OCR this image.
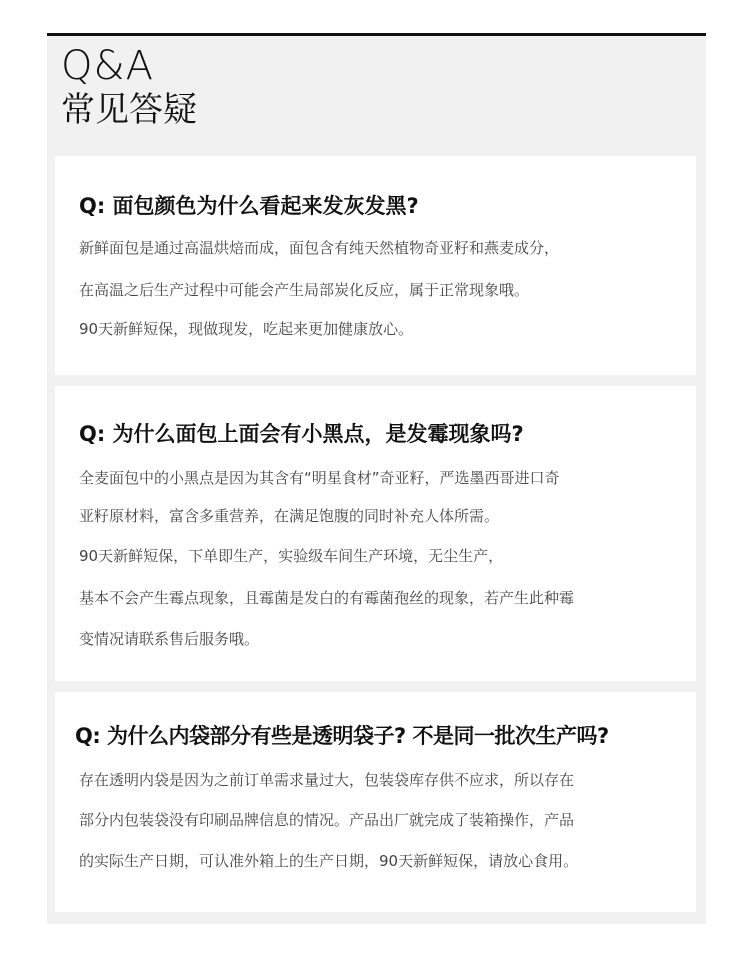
Q&A
常见答疑
Q: 面包颜色为什么看起来发灰发黑?
新鲜面包是通过高温烘焙而成，面包含有纯天然植物奇亚籽和燕麦成分，
在高温之后生产过程中可能会产生局部炭化反应，属于正常现象哦。
90天新鲜短保，现做现发，吃起来更加健康放心。
Q: 为什么面包上面会有小黑点，是发霉现象吗?
全麦面包中的小黑点是因为其含有“明星食材”奇亚籽，严选墨西哥进口奇
亚籽原材料，富含多重营养，在满足饱腹的同时补充人体所需。
90天新鲜短保，下单即生产，实验级车间生产环境，无尘生产，
基本不会产生霉点现象，且霉菌是发白的有霉菌孢丝的现象，若产生此种霉
变情况请联系售后服务哦。
Q: 为什么内袋部分有些是透明袋子? 不是同一批次生产吗?
存在透明内袋是因为之前订单需求量过大，包装袋库存供不应求，所以存在
部分内包装袋没有印刷品牌信息的情况。产品出厂就完成了装箱操作，产品
的实际生产日期，可认准外箱上的生产日期，90天新鲜短保，请放心食用。
